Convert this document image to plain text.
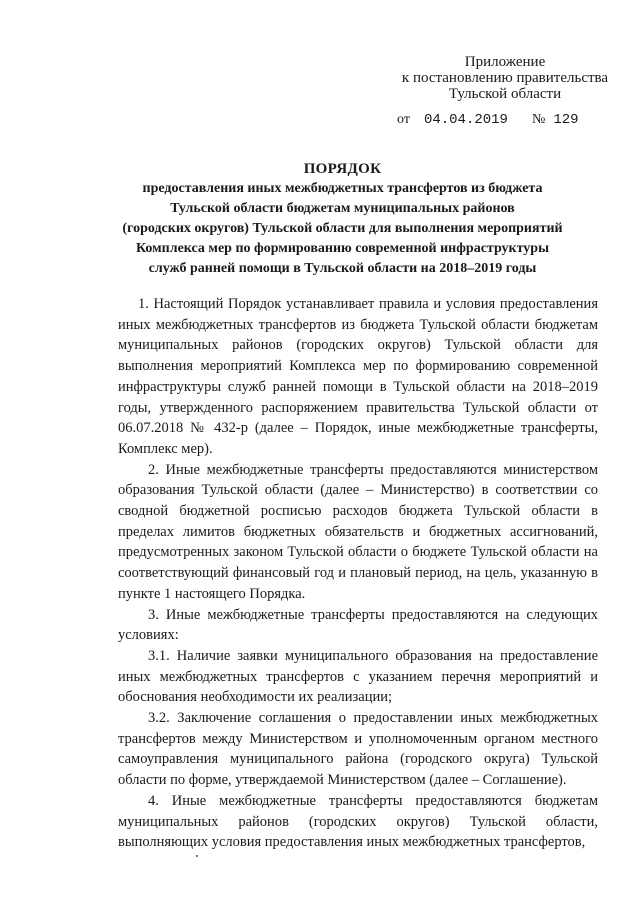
Приложение
к постановлению правительства
Тульской области
от 04.04.2019 № 129
ПОРЯДОК
предоставления иных межбюджетных трансфертов из бюджета
Тульской области бюджетам муниципальных районов
(городских округов) Тульской области для выполнения мероприятий
Комплекса мер по формированию современной инфраструктуры
служб ранней помощи в Тульской области на 2018–2019 годы

1. Настоящий Порядок устанавливает правила и условия предоставления иных межбюджетных трансфертов из бюджета Тульской области бюджетам муниципальных районов (городских округов) Тульской области для выполнения мероприятий Комплекса мер по формированию современной инфраструктуры служб ранней помощи в Тульской области на 2018–2019 годы, утвержденного распоряжением правительства Тульской области от 06.07.2018 № 432-р (далее – Порядок, иные межбюджетные трансферты, Комплекс мер).

2. Иные межбюджетные трансферты предоставляются министерством образования Тульской области (далее – Министерство) в соответствии со сводной бюджетной росписью расходов бюджета Тульской области в пределах лимитов бюджетных обязательств и бюджетных ассигнований, предусмотренных законом Тульской области о бюджете Тульской области на соответствующий финансовый год и плановый период, на цель, указанную в пункте 1 настоящего Порядка.

3. Иные межбюджетные трансферты предоставляются на следующих условиях:

3.1. Наличие заявки муниципального образования на предоставление иных межбюджетных трансфертов с указанием перечня мероприятий и обоснования необходимости их реализации;

3.2. Заключение соглашения о предоставлении иных межбюджетных трансфертов между Министерством и уполномоченным органом местного самоуправления муниципального района (городского округа) Тульской области по форме, утверждаемой Министерством (далее – Соглашение).

4. Иные межбюджетные трансферты предоставляются бюджетам муниципальных районов (городских округов) Тульской области, выполняющих условия предоставления иных межбюджетных трансфертов,
